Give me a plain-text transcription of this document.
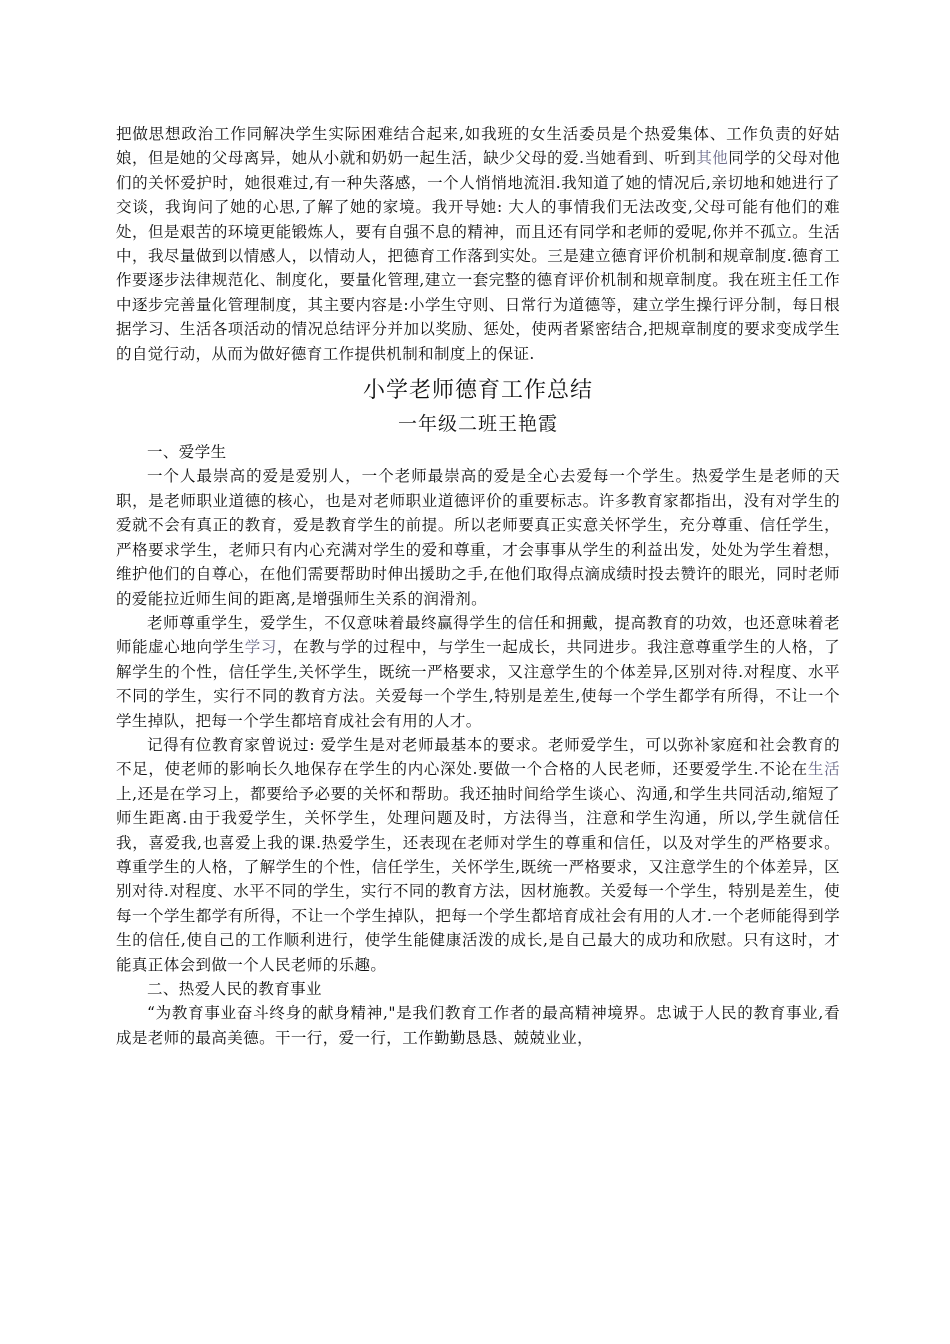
把做思想政治工作同解决学生实际困难结合起来,如我班的女生活委员是个热爱集体、工作负责的好姑娘，但是她的父母离异，她从小就和奶奶一起生活，缺少父母的爱.当她看到、听到其他同学的父母对他们的关怀爱护时，她很难过,有一种失落感，一个人悄悄地流泪.我知道了她的情况后,亲切地和她进行了交谈，我询问了她的心思,了解了她的家境。我开导她: 大人的事情我们无法改变,父母可能有他们的难处，但是艰苦的环境更能锻炼人，要有自强不息的精神，而且还有同学和老师的爱呢,你并不孤立。生活中，我尽量做到以情感人，以情动人，把德育工作落到实处。三是建立德育评价机制和规章制度.德育工作要逐步法律规范化、制度化，要量化管理,建立一套完整的德育评价机制和规章制度。我在班主任工作中逐步完善量化管理制度，其主要内容是:小学生守则、日常行为道德等，建立学生操行评分制，每日根据学习、生活各项活动的情况总结评分并加以奖励、惩处，使两者紧密结合,把规章制度的要求变成学生的自觉行动，从而为做好德育工作提供机制和制度上的保证.

小学老师德育工作总结
一年级二班王艳霞

一、爱学生

一个人最崇高的爱是爱别人，一个老师最崇高的爱是全心去爱每一个学生。热爱学生是老师的天职，是老师职业道德的核心，也是对老师职业道德评价的重要标志。许多教育家都指出，没有对学生的爱就不会有真正的教育，爱是教育学生的前提。所以老师要真正实意关怀学生，充分尊重、信任学生，严格要求学生，老师只有内心充满对学生的爱和尊重，才会事事从学生的利益出发，处处为学生着想，维护他们的自尊心，在他们需要帮助时伸出援助之手,在他们取得点滴成绩时投去赞许的眼光，同时老师的爱能拉近师生间的距离,是增强师生关系的润滑剂。

老师尊重学生，爱学生，不仅意味着最终赢得学生的信任和拥戴，提高教育的功效，也还意味着老师能虚心地向学生学习，在教与学的过程中，与学生一起成长，共同进步。我注意尊重学生的人格，了解学生的个性，信任学生,关怀学生，既统一严格要求，又注意学生的个体差异,区别对待.对程度、水平不同的学生，实行不同的教育方法。关爱每一个学生,特别是差生,使每一个学生都学有所得，不让一个学生掉队，把每一个学生都培育成社会有用的人才。

记得有位教育家曾说过: 爱学生是对老师最基本的要求。老师爱学生，可以弥补家庭和社会教育的不足，使老师的影响长久地保存在学生的内心深处.要做一个合格的人民老师，还要爱学生.不论在生活上,还是在学习上，都要给予必要的关怀和帮助。我还抽时间给学生谈心、沟通,和学生共同活动,缩短了师生距离.由于我爱学生，关怀学生，处理问题及时，方法得当，注意和学生沟通，所以,学生就信任我，喜爱我,也喜爱上我的课.热爱学生，还表现在老师对学生的尊重和信任，以及对学生的严格要求。尊重学生的人格，了解学生的个性，信任学生，关怀学生,既统一严格要求，又注意学生的个体差异，区别对待.对程度、水平不同的学生，实行不同的教育方法，因材施教。关爱每一个学生，特别是差生，使每一个学生都学有所得，不让一个学生掉队，把每一个学生都培育成社会有用的人才.一个老师能得到学生的信任,使自己的工作顺利进行，使学生能健康活泼的成长,是自己最大的成功和欣慰。只有这时，才能真正体会到做一个人民老师的乐趣。

二、热爱人民的教育事业

“为教育事业奋斗终身的献身精神,"是我们教育工作者的最高精神境界。忠诚于人民的教育事业,看成是老师的最高美德。干一行，爱一行，工作勤勤恳恳、兢兢业业，
